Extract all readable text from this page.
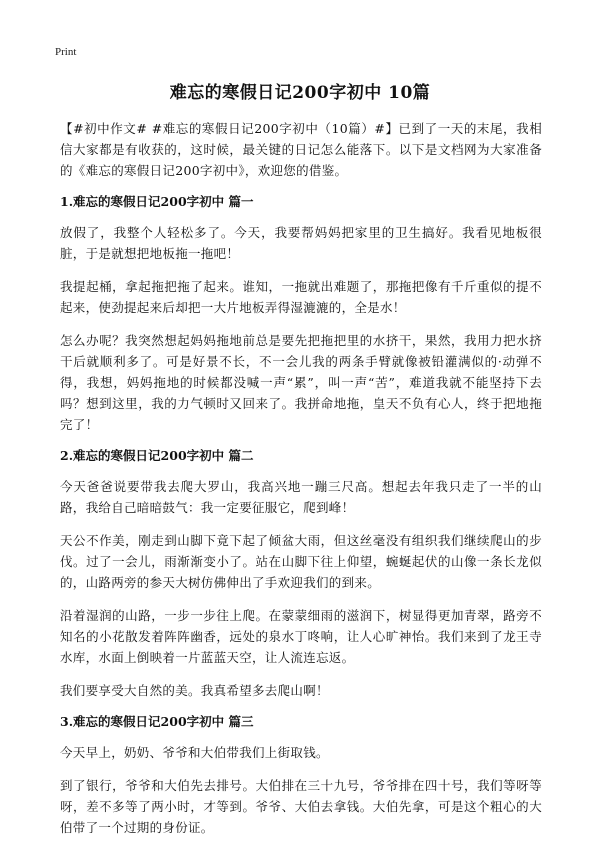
Print
难忘的寒假日记200字初中 10篇

【#初中作文# #难忘的寒假日记200字初中（10篇）#】已到了一天的末尾，我相信大家都是有收获的，这时候，最关键的日记怎么能落下。以下是文档网为大家准备的《难忘的寒假日记200字初中》，欢迎您的借鉴。

1.难忘的寒假日记200字初中 篇一

放假了，我整个人轻松多了。今天，我要帮妈妈把家里的卫生搞好。我看见地板很脏，于是就想把地板拖一拖吧！

我提起桶，拿起拖把拖了起来。谁知，一拖就出难题了，那拖把像有千斤重似的提不起来，使劲提起来后却把一大片地板弄得湿漉漉的，全是水！

怎么办呢？我突然想起妈妈拖地前总是要先把拖把里的水挤干，果然，我用力把水挤干后就顺利多了。可是好景不长，不一会儿我的两条手臂就像被铅灌满似的·动弹不得，我想，妈妈拖地的时候都没喊一声“累”，叫一声“苦”，难道我就不能坚持下去吗？想到这里，我的力气顿时又回来了。我拼命地拖，皇天不负有心人，终于把地拖完了！

2.难忘的寒假日记200字初中 篇二

今天爸爸说要带我去爬大罗山，我高兴地一蹦三尺高。想起去年我只走了一半的山路，我给自己暗暗鼓气：我一定要征服它，爬到峰！

天公不作美，刚走到山脚下竟下起了倾盆大雨，但这丝毫没有组织我们继续爬山的步伐。过了一会儿，雨渐渐变小了。站在山脚下往上仰望，蜿蜒起伏的山像一条长龙似的，山路两旁的参天大树仿佛伸出了手欢迎我们的到来。

沿着湿润的山路，一步一步往上爬。在蒙蒙细雨的滋润下，树显得更加青翠，路旁不知名的小花散发着阵阵幽香，远处的泉水丁咚响，让人心旷神怡。我们来到了龙王寺水库，水面上倒映着一片蓝蓝天空，让人流连忘返。

我们要享受大自然的美。我真希望多去爬山啊！

3.难忘的寒假日记200字初中 篇三

今天早上，奶奶、爷爷和大伯带我们上街取钱。

到了银行，爷爷和大伯先去排号。大伯排在三十九号，爷爷排在四十号，我们等呀等呀，差不多等了两小时，才等到。爷爷、大伯去拿钱。大伯先拿，可是这个粗心的大伯带了一个过期的身份证。
